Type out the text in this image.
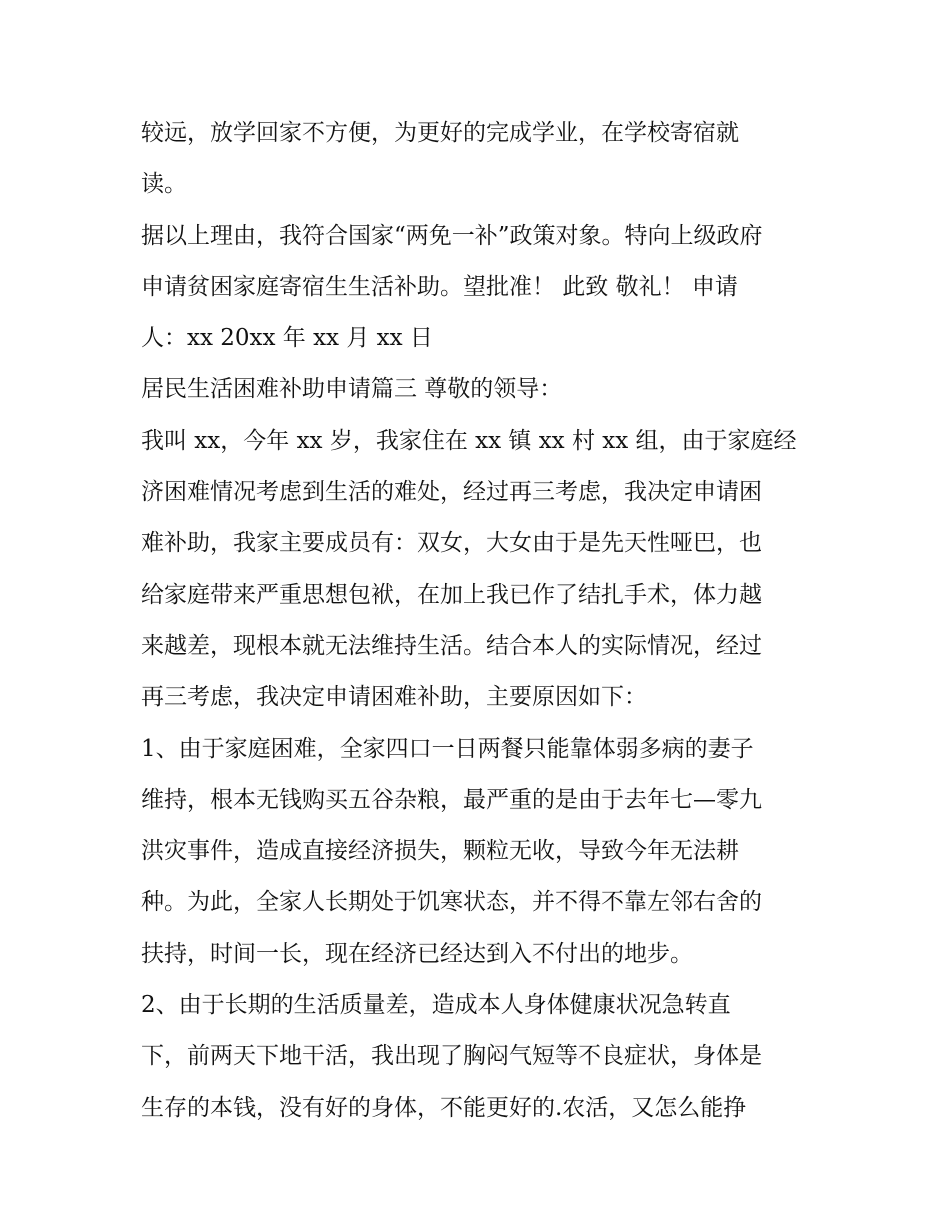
较远，放学回家不方便，为更好的完成学业，在学校寄宿就
读。
据以上理由，我符合国家“两免一补”政策对象。特向上级政府
申请贫困家庭寄宿生生活补助。望批准！ 此致 敬礼！ 申请
人：xx 20xx 年 xx 月 xx 日
居民生活困难补助申请篇三 尊敬的领导：
我叫 xx，今年 xx 岁，我家住在 xx 镇 xx 村 xx 组，由于家庭经
济困难情况考虑到生活的难处，经过再三考虑，我决定申请困
难补助，我家主要成员有：双女，大女由于是先天性哑巴，也
给家庭带来严重思想包袱，在加上我已作了结扎手术，体力越
来越差，现根本就无法维持生活。结合本人的实际情况，经过
再三考虑，我决定申请困难补助，主要原因如下：
1、由于家庭困难，全家四口一日两餐只能靠体弱多病的妻子
维持，根本无钱购买五谷杂粮，最严重的是由于去年七—零九
洪灾事件，造成直接经济损失，颗粒无收，导致今年无法耕
种。为此，全家人长期处于饥寒状态，并不得不靠左邻右舍的
扶持，时间一长，现在经济已经达到入不付出的地步。
2、由于长期的生活质量差，造成本人身体健康状况急转直
下，前两天下地干活，我出现了胸闷气短等不良症状，身体是
生存的本钱，没有好的身体，不能更好的.农活，又怎么能挣
